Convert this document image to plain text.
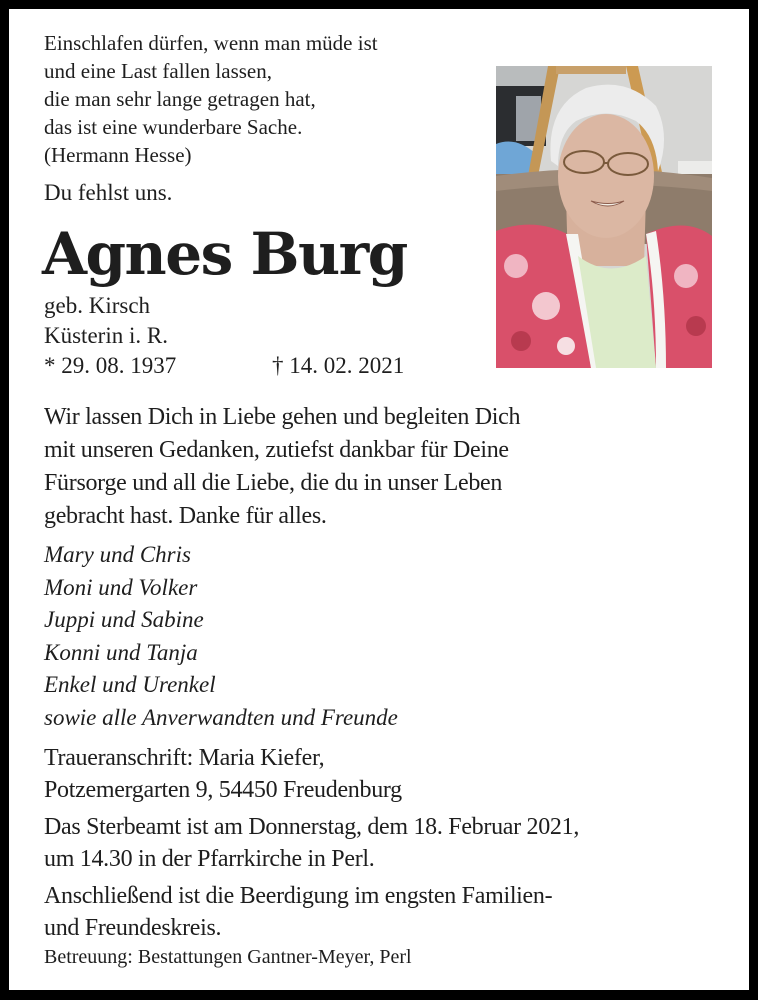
Einschlafen dürfen, wenn man müde ist
und eine Last fallen lassen,
die man sehr lange getragen hat,
das ist eine wunderbare Sache.
(Hermann Hesse)
Du fehlst uns.
Agnes Burg
geb. Kirsch
Küsterin i. R.
* 29. 08. 1937	† 14. 02. 2021
Wir lassen Dich in Liebe gehen und begleiten Dich
mit unseren Gedanken, zutiefst dankbar für Deine
Fürsorge und all die Liebe, die du in unser Leben
gebracht hast. Danke für alles.
Mary und Chris
Moni und Volker
Juppi und Sabine
Konni und Tanja
Enkel und Urenkel
sowie alle Anverwandten und Freunde
Traueranschrift: Maria Kiefer,
Potzemergarten 9, 54450 Freudenburg
Das Sterbeamt ist am Donnerstag, dem 18. Februar 2021,
um 14.30 in der Pfarrkirche in Perl.
Anschließend ist die Beerdigung im engsten Familien-
und Freundeskreis.
Betreuung: Bestattungen Gantner-Meyer, Perl
